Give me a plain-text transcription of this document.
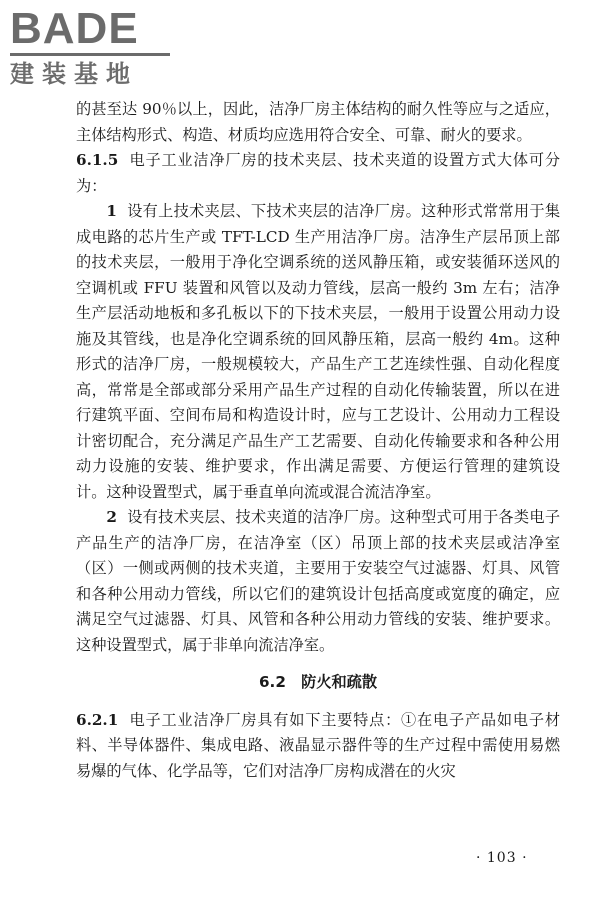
BADE
建装基地

的甚至达 90％以上，因此，洁净厂房主体结构的耐久性等应与之适应，主体结构形式、构造、材质均应选用符合安全、可靠、耐火的要求。

6.1.5 电子工业洁净厂房的技术夹层、技术夹道的设置方式大体可分为：

1 设有上技术夹层、下技术夹层的洁净厂房。这种形式常常用于集成电路的芯片生产或 TFT-LCD 生产用洁净厂房。洁净生产层吊顶上部的技术夹层，一般用于净化空调系统的送风静压箱，或安装循环送风的空调机或 FFU 装置和风管以及动力管线，层高一般约 3m 左右；洁净生产层活动地板和多孔板以下的下技术夹层，一般用于设置公用动力设施及其管线，也是净化空调系统的回风静压箱，层高一般约 4m。这种形式的洁净厂房，一般规模较大，产品生产工艺连续性强、自动化程度高，常常是全部或部分采用产品生产过程的自动化传输装置，所以在进行建筑平面、空间布局和构造设计时，应与工艺设计、公用动力工程设计密切配合，充分满足产品生产工艺需要、自动化传输要求和各种公用动力设施的安装、维护要求，作出满足需要、方便运行管理的建筑设计。这种设置型式，属于垂直单向流或混合流洁净室。

2 设有技术夹层、技术夹道的洁净厂房。这种型式可用于各类电子产品生产的洁净厂房，在洁净室（区）吊顶上部的技术夹层或洁净室（区）一侧或两侧的技术夹道，主要用于安装空气过滤器、灯具、风管和各种公用动力管线，所以它们的建筑设计包括高度或宽度的确定，应满足空气过滤器、灯具、风管和各种公用动力管线的安装、维护要求。这种设置型式，属于非单向流洁净室。

6.2　防火和疏散

6.2.1 电子工业洁净厂房具有如下主要特点：①在电子产品如电子材料、半导体器件、集成电路、液晶显示器件等的生产过程中需使用易燃易爆的气体、化学品等，它们对洁净厂房构成潜在的火灾

· 103 ·
